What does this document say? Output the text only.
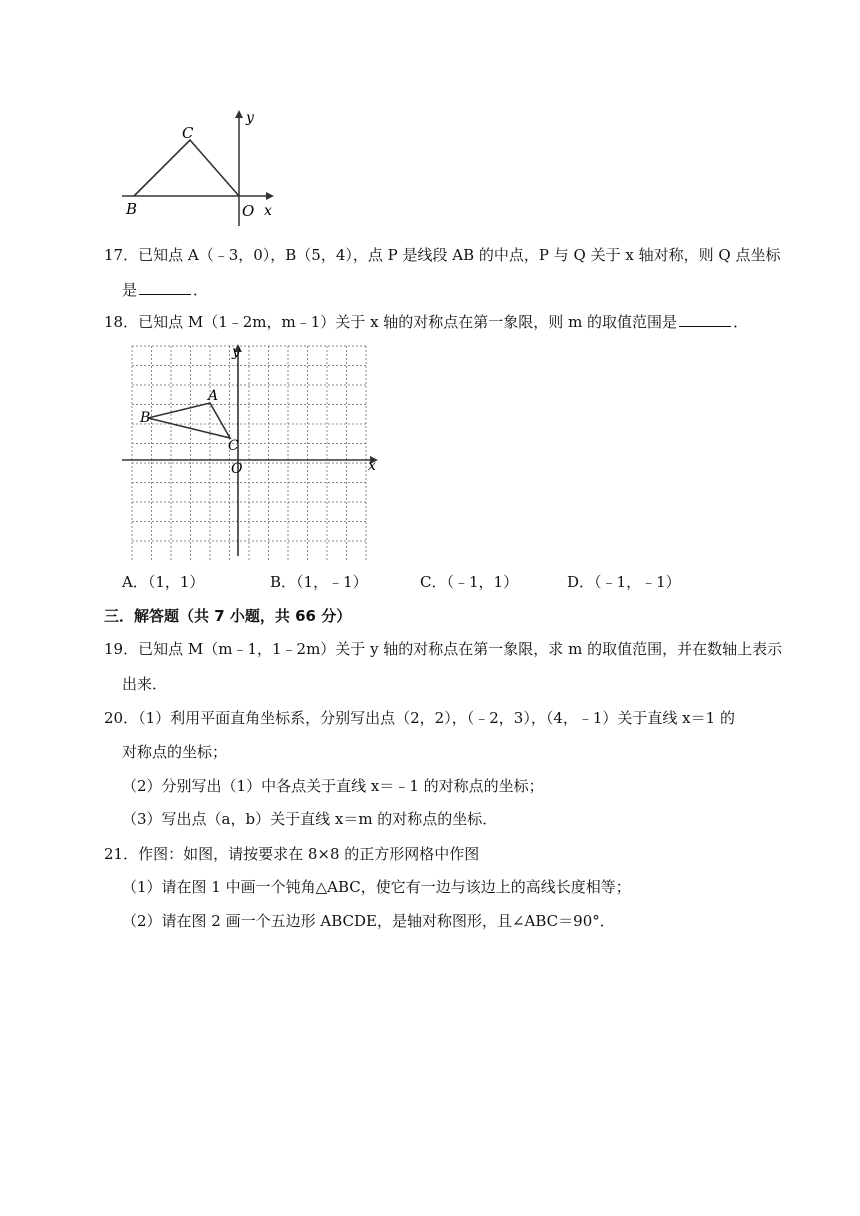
C
B	O x
y
17．已知点 A（﹣3，0），B（5，4），点 P 是线段 AB 的中点，P 与 Q 关于 x 轴对称，则 Q 点坐标
是	．
18．已知点 M（1﹣2m，m﹣1）关于 x 轴的对称点在第一象限，则 m 的取值范围是	．
A
B
C
O	x
y
A．（1，1）	B．（1，﹣1）	C．（﹣1，1）	D．（﹣1，﹣1）
三．解答题（共 7 小题，共 66 分）
19．已知点 M（m﹣1，1﹣2m）关于 y 轴的对称点在第一象限，求 m 的取值范围，并在数轴上表示
出来．
20．（1）利用平面直角坐标系，分别写出点（2，2），（﹣2，3），（4，﹣1）关于直线 x＝1 的
对称点的坐标；
（2）分别写出（1）中各点关于直线 x＝﹣1 的对称点的坐标；
（3）写出点（a，b）关于直线 x＝m 的对称点的坐标．
21．作图：如图，请按要求在 8×8 的正方形网格中作图
（1）请在图 1 中画一个钝角△ABC，使它有一边与该边上的高线长度相等；
（2）请在图 2 画一个五边形 ABCDE，是轴对称图形，且∠ABC＝90°．
